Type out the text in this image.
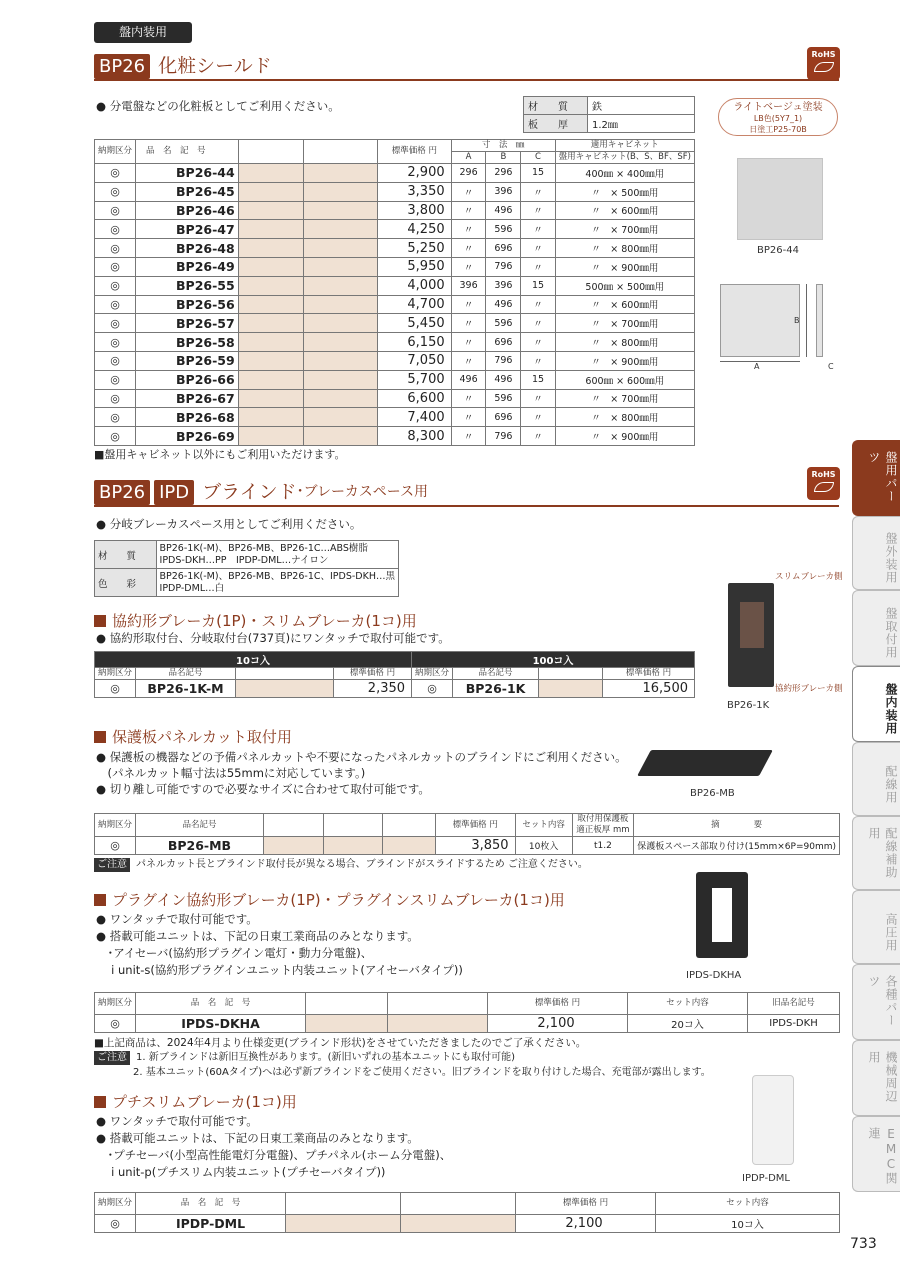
盤内装用
BP26 化粧シールド
RoHS
● 分電盤などの化粧板としてご利用ください。	材　　質	鉄
板　　厚	1.2㎜
ライトベージュ塗装
LB色(5Y7_1)
日塗工P25-70B
納期区分	品　名　記　号			標準価格 円	寸　法　㎜			適用キャビネット
					A	B	C	盤用キャビネット(B、S、BF、SF)
◎	BP26-44			2,900	296	296	15	400㎜ × 400㎜用
◎	BP26-45			3,350	〃	396	〃	〃　× 500㎜用
◎	BP26-46			3,800	〃	496	〃	〃　× 600㎜用
◎	BP26-47			4,250	〃	596	〃	〃　× 700㎜用
◎	BP26-48			5,250	〃	696	〃	〃　× 800㎜用
◎	BP26-49			5,950	〃	796	〃	〃　× 900㎜用
◎	BP26-55			4,000	396	396	15	500㎜ × 500㎜用
◎	BP26-56			4,700	〃	496	〃	〃　× 600㎜用
◎	BP26-57			5,450	〃	596	〃	〃　× 700㎜用
◎	BP26-58			6,150	〃	696	〃	〃　× 800㎜用
◎	BP26-59			7,050	〃	796	〃	〃　× 900㎜用
◎	BP26-66			5,700	496	496	15	600㎜ × 600㎜用
◎	BP26-67			6,600	〃	596	〃	〃　× 700㎜用
◎	BP26-68			7,400	〃	696	〃	〃　× 800㎜用
◎	BP26-69			8,300	〃	796	〃	〃　× 900㎜用
■盤用キャビネット以外にもご利用いただけます。
BP26-44
A
B
C
BP26 IPD ブラインド$^{･ブレーカスペース用}$
RoHS
● 分岐ブレーカスペース用としてご利用ください。
材　　質	BP26-1K(-M)、BP26-MB、BP26-1C…ABS樹脂
IPDS-DKH…PP　IPDP-DML…ナイロン

色　　彩	BP26-1K(-M)、BP26-MB、BP26-1C、IPDS-DKH…黒
IPDP-DML…白
スリムブレーカ側
協約形ブレーカ側
BP26-1K
協約形ブレーカ(1P)・スリムブレーカ(1コ)用
● 協約形取付台、分岐取付台(737頁)にワンタッチで取付可能です。
10コ入				100コ入			
納期区分	品名記号		標準価格 円	納期区分	品名記号		標準価格 円
◎	BP26-1K-M		2,350	◎	BP26-1K		16,500
保護板パネルカット取付用
● 保護板の機器などの予備パネルカットや不要になったパネルカットのブラインドにご利用ください。
　(パネルカット幅寸法は55mmに対応しています。)
● 切り離し可能ですので必要なサイズに合わせて取付可能です。	BP26-MB
納期区分	品名記号				標準価格 円	セット内容	取付用保護板
適正板厚 mm	摘　　　　要
◎	BP26-MB				3,850	10枚入	t1.2	保護板スペース部取り付け(15mm×6P=90mm)
ご注意 パネルカット長とブラインド取付長が異なる場合、ブラインドがスライドするため ご注意ください。
プラグイン協約形ブレーカ(1P)・プラグインスリムブレーカ(1コ)用
● ワンタッチで取付可能です。
● 搭載可能ユニットは、下記の日東工業商品のみとなります。
　･アイセーバ(協約形プラグイン電灯・動力分電盤)、
　 i unit-s(協約形プラグインユニット内装ユニット(アイセーバタイプ))	IPDS-DKHA
納期区分	品　名　記　号			標準価格 円	セット内容	旧品名記号
◎	IPDS-DKHA			2,100	20コ入	IPDS-DKH
■上記商品は、2024年4月より仕様変更(ブラインド形状)をさせていただきましたのでご了承ください。
ご注意 1. 新ブラインドは新旧互換性があります。(新旧いずれの基本ユニットにも取付可能)
2. 基本ユニット(60Aタイプ)へは必ず新ブラインドをご使用ください。旧ブラインドを取り付けした場合、充電部が露出します。
プチスリムブレーカ(1コ)用
● ワンタッチで取付可能です。
● 搭載可能ユニットは、下記の日東工業商品のみとなります。
　･プチセーバ(小型高性能電灯分電盤)、プチパネル(ホーム分電盤)、
　 i unit-p(プチスリム内装ユニット(プチセーバタイプ))	IPDP-DML
納期区分	品　名　記　号			標準価格 円	セット内容
◎	IPDP-DML			2,100	10コ入
盤用パーツ
盤外装用
盤取付用
盤内装用
配線用
配線補助用
高圧用
各種パーツ
機械周辺用
EMC関連
733
